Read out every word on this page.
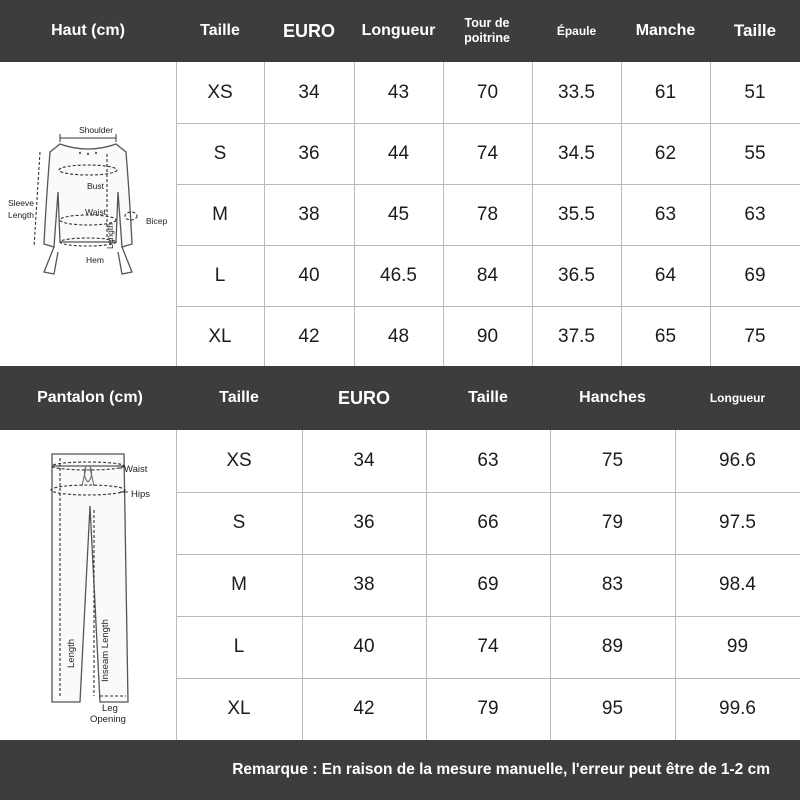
Haut (cm)	Taille	EURO	Longueur	Tour de poitrine	Épaule	Manche	Taille
Shoulder
Bust
Waist
Length
Sleeve
Length
Bicep
Hem
XS	34	43	70	33.5	61	51
S	36	44	74	34.5	62	55
M	38	45	78	35.5	63	63
L	40	46.5	84	36.5	64	69
XL	42	48	90	37.5	65	75
Pantalon (cm)	Taille	EURO	Taille	Hanches	Longueur
Waist
Hips
Length Inseam Length
Leg
Opening
XS	34	63	75	96.6
S	36	66	79	97.5
M	38	69	83	98.4
L	40	74	89	99
XL	42	79	95	99.6
Remarque : En raison de la mesure manuelle, l'erreur peut être de 1-2 cm
